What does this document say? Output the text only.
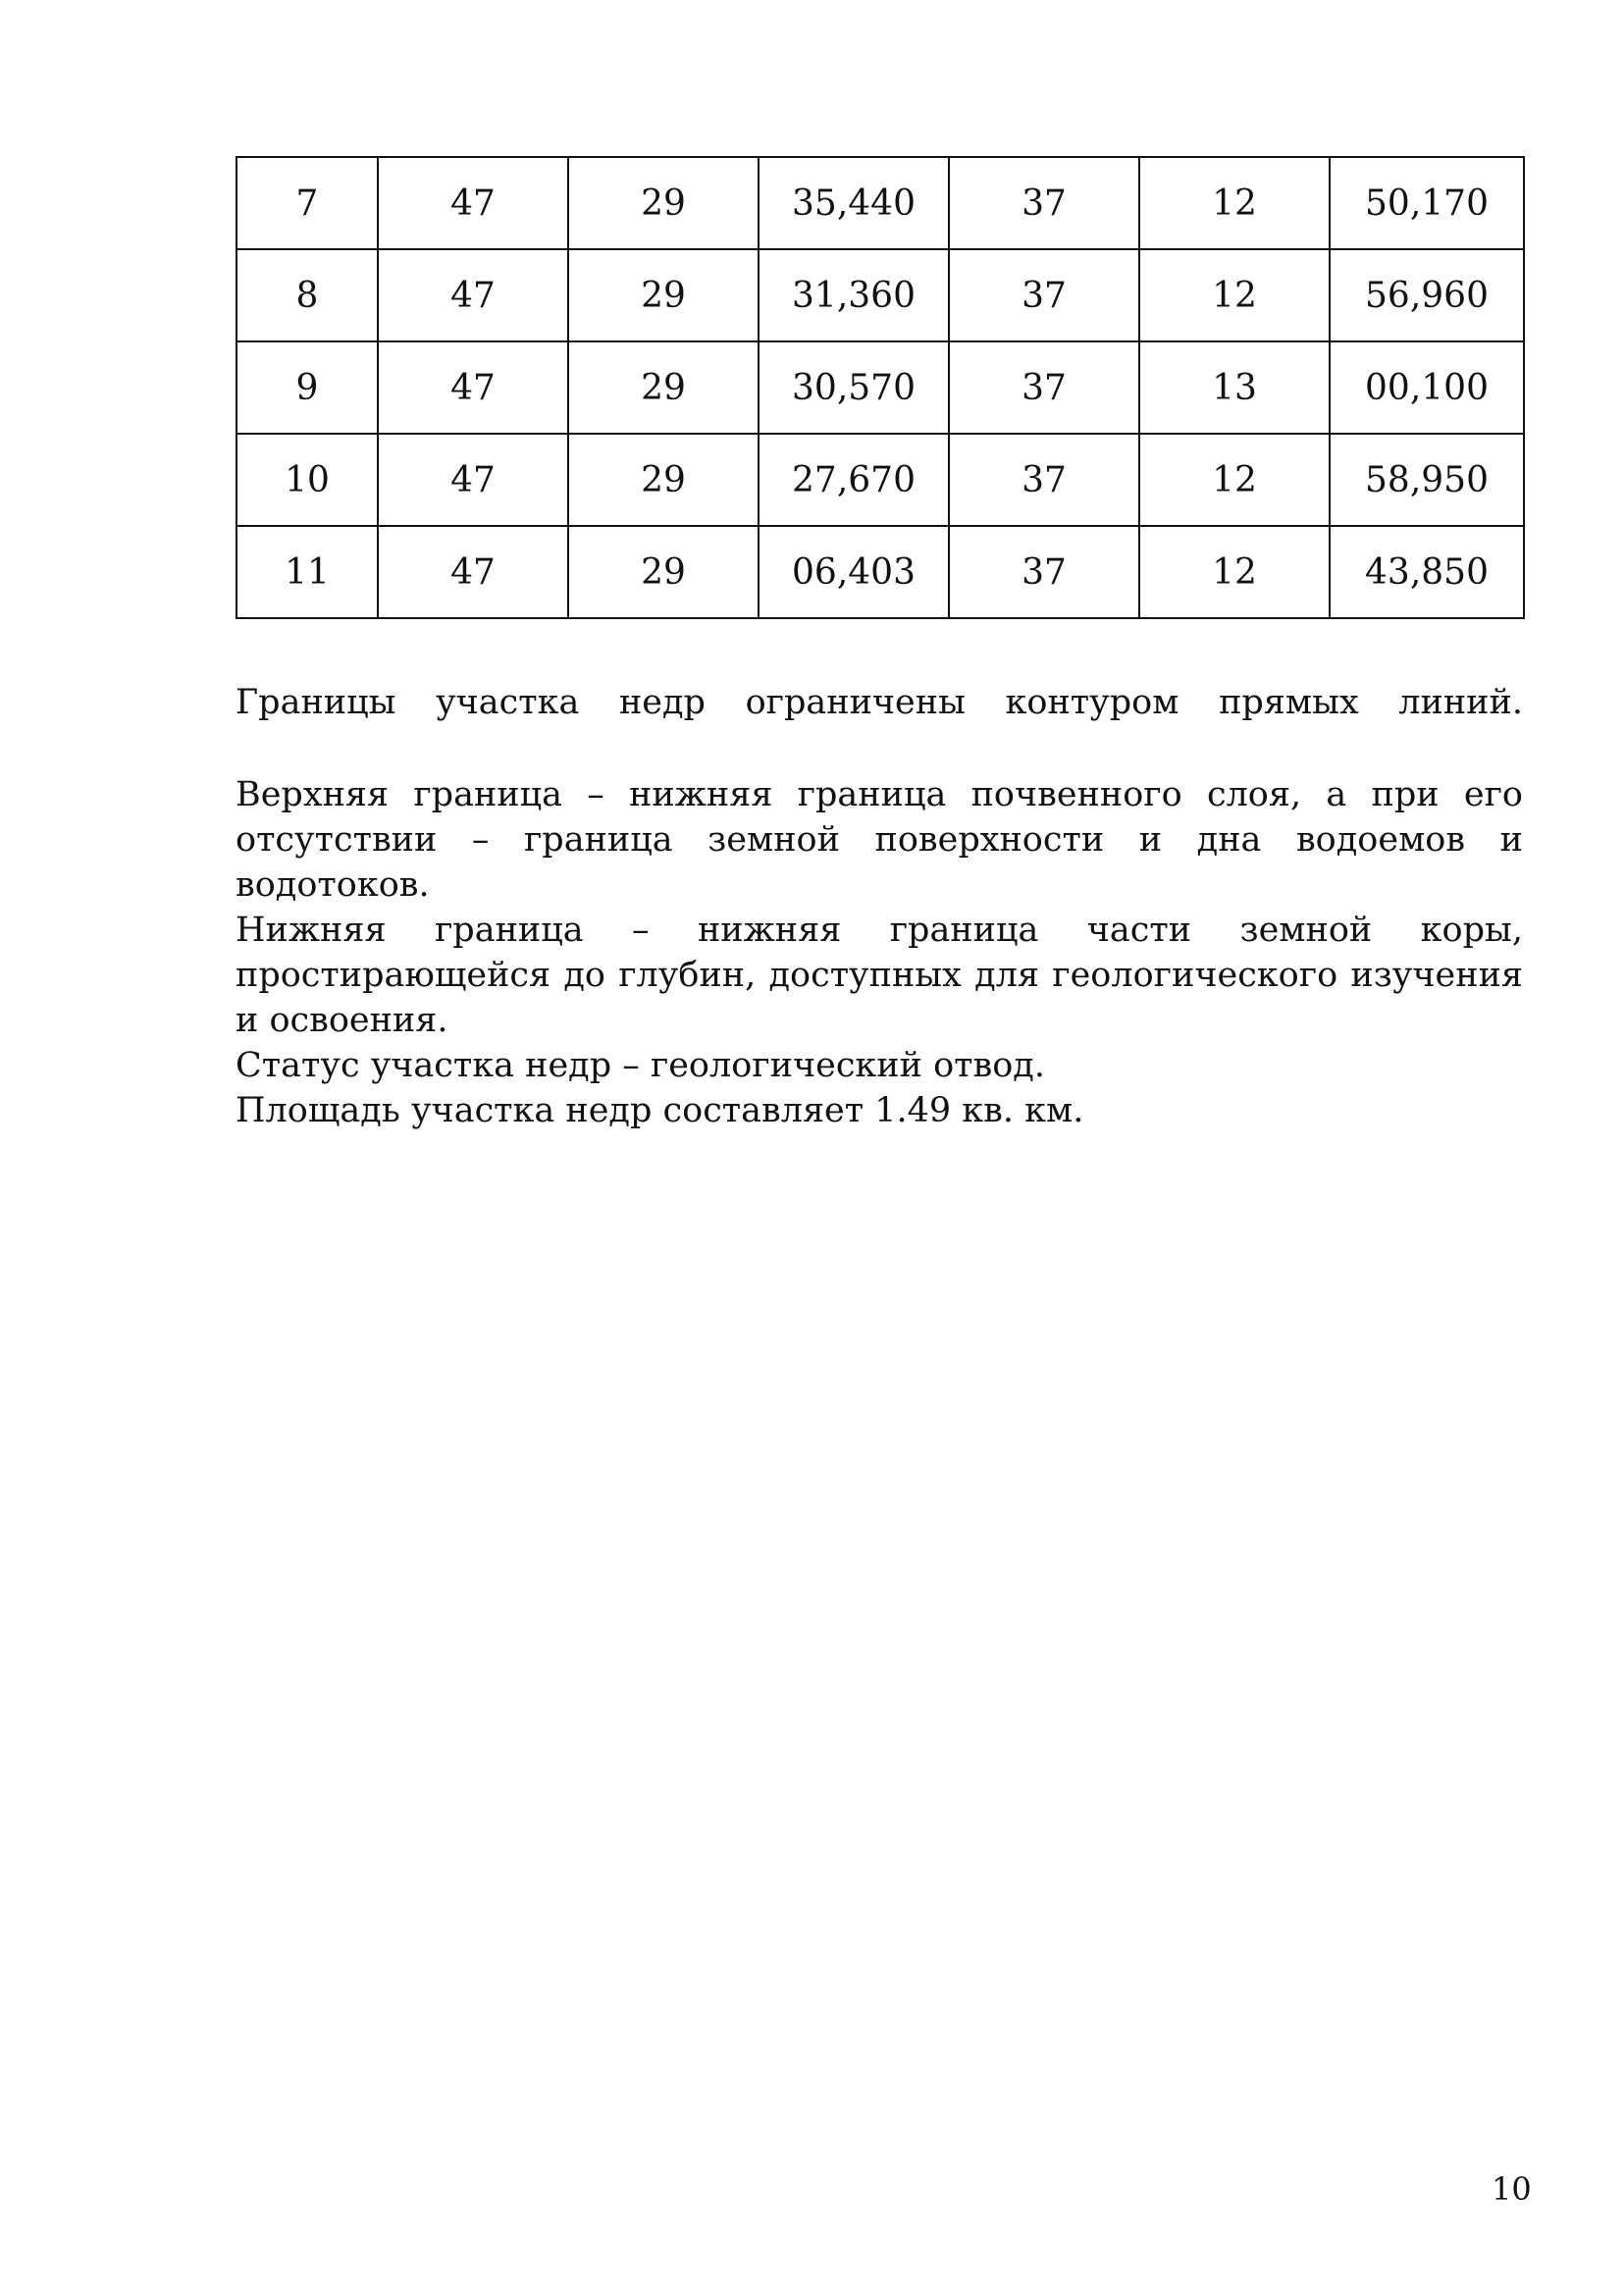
7	47	29	35,440	37	12	50,170
8	47	29	31,360	37	12	56,960
9	47	29	30,570	37	13	00,100
10	47	29	27,670	37	12	58,950
11	47	29	06,403	37	12	43,850
Границы участка недр ограничены контуром прямых линий.

Верхняя граница – нижняя граница почвенного слоя, а при его отсутствии – граница земной поверхности и дна водоемов и водотоков.

Нижняя граница – нижняя граница части земной коры, простирающейся до глубин, доступных для геологического изучения и освоения.

Статус участка недр – геологический отвод.

Площадь участка недр составляет 1.49 кв. км.

10
